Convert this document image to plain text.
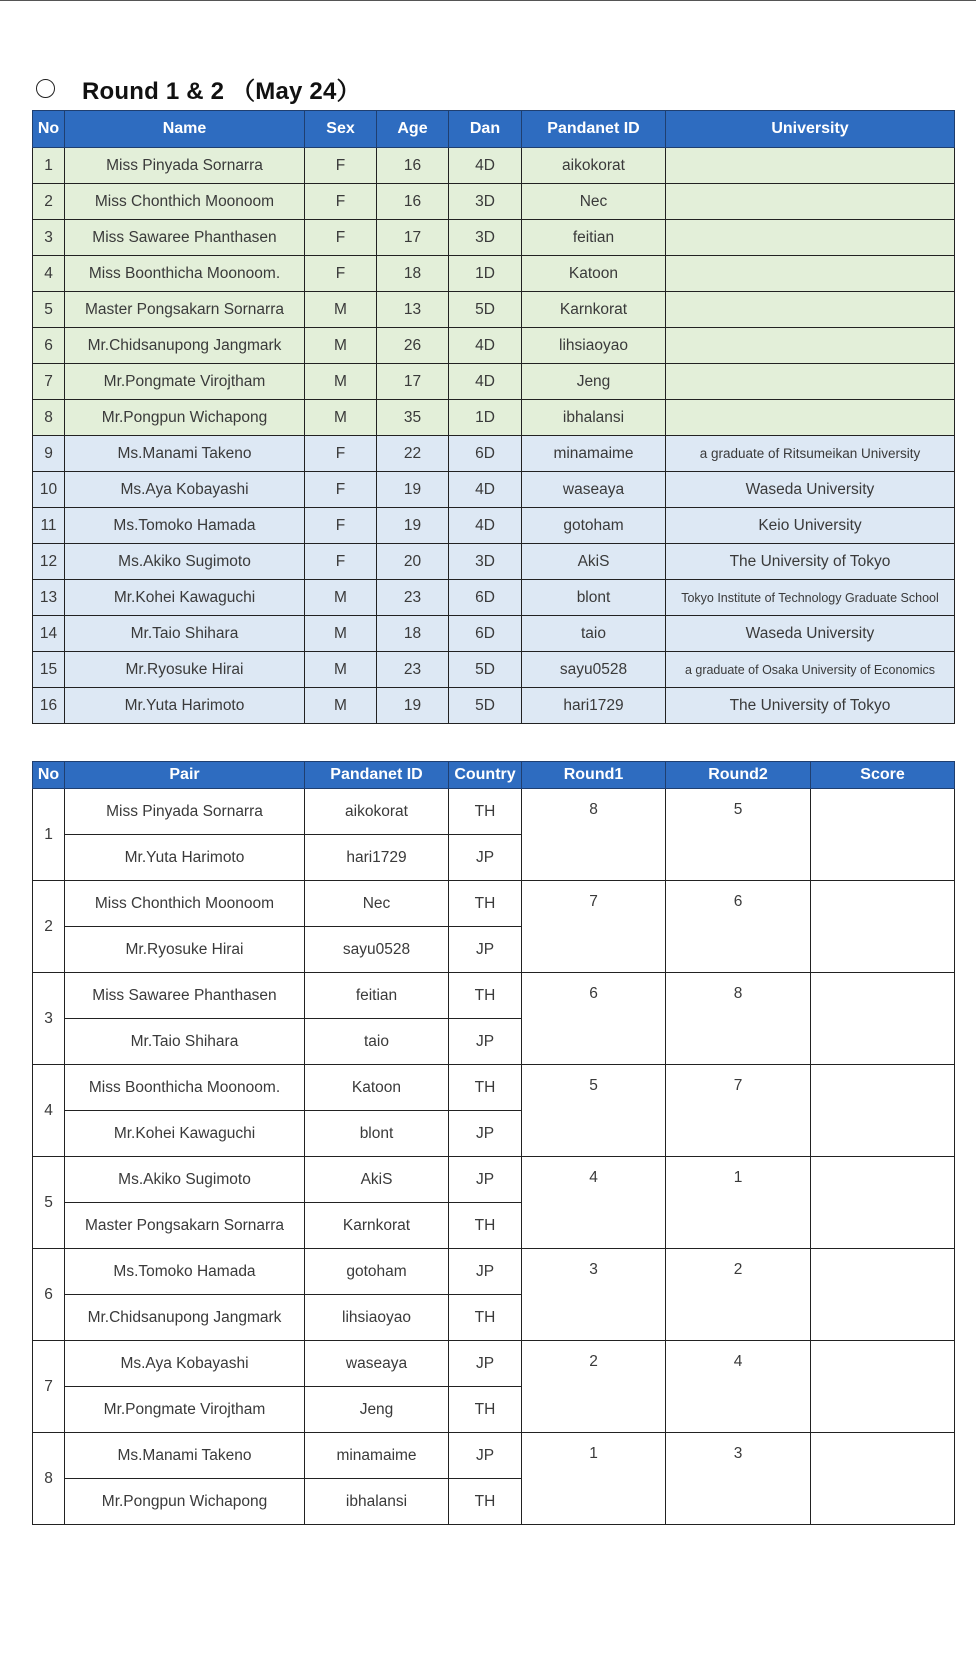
Round 1 & 2 （May 24）
No	Name	Sex	Age	Dan	Pandanet ID	University
1	Miss Pinyada Sornarra	F	16	4D	aikokorat	
2	Miss Chonthich Moonoom	F	16	3D	Nec	
3	Miss Sawaree Phanthasen	F	17	3D	feitian	
4	Miss Boonthicha Moonoom.	F	18	1D	Katoon	
5	Master Pongsakarn Sornarra	M	13	5D	Karnkorat	
6	Mr.Chidsanupong Jangmark	M	26	4D	lihsiaoyao	
7	Mr.Pongmate Virojtham	M	17	4D	Jeng	
8	Mr.Pongpun Wichapong	M	35	1D	ibhalansi	
9	Ms.Manami Takeno	F	22	6D	minamaime	a graduate of Ritsumeikan University
10	Ms.Aya Kobayashi	F	19	4D	waseaya	Waseda University
11	Ms.Tomoko Hamada	F	19	4D	gotoham	Keio University
12	Ms.Akiko Sugimoto	F	20	3D	AkiS	The University of Tokyo
13	Mr.Kohei Kawaguchi	M	23	6D	blont	Tokyo Institute of Technology Graduate School
14	Mr.Taio Shihara	M	18	6D	taio	Waseda University
15	Mr.Ryosuke Hirai	M	23	5D	sayu0528	a graduate of Osaka University of Economics
16	Mr.Yuta Harimoto	M	19	5D	hari1729	The University of Tokyo
No	Pair	Pandanet ID	Country	Round1	Round2	Score
1	Miss Pinyada Sornarra	aikokorat	TH	8	5	
	Mr.Yuta Harimoto	hari1729	JP			
2	Miss Chonthich Moonoom	Nec	TH	7	6	
	Mr.Ryosuke Hirai	sayu0528	JP			
3	Miss Sawaree Phanthasen	feitian	TH	6	8	
	Mr.Taio Shihara	taio	JP			
4	Miss Boonthicha Moonoom.	Katoon	TH	5	7	
	Mr.Kohei Kawaguchi	blont	JP			
5	Ms.Akiko Sugimoto	AkiS	JP	4	1	
	Master Pongsakarn Sornarra	Karnkorat	TH			
6	Ms.Tomoko Hamada	gotoham	JP	3	2	
	Mr.Chidsanupong Jangmark	lihsiaoyao	TH			
7	Ms.Aya Kobayashi	waseaya	JP	2	4	
	Mr.Pongmate Virojtham	Jeng	TH			
8	Ms.Manami Takeno	minamaime	JP	1	3	
	Mr.Pongpun Wichapong	ibhalansi	TH			
